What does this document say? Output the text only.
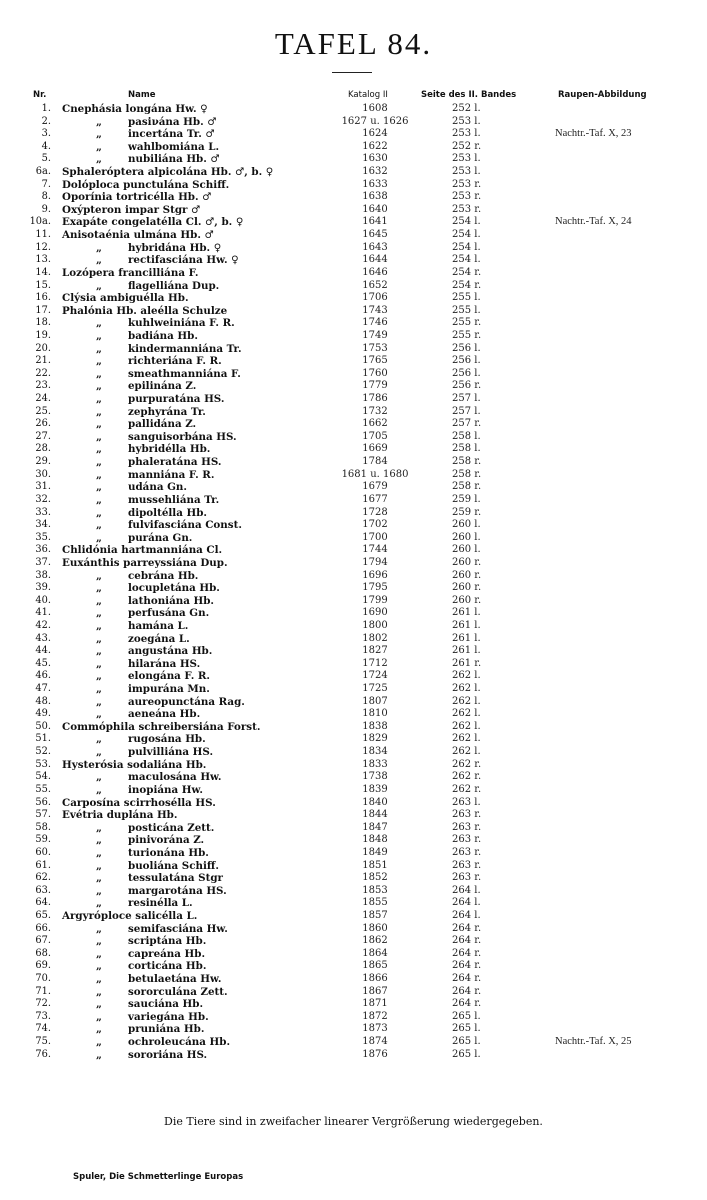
TAFEL 84.
Nr.	Name	Katalog II	Seite des II. Bandes	Raupen-Abbildung
1. Cnephásia longána Hw. ♀	1608	252 l.
2.	„	pasiνána Hb. ♂	1627 u. 1626	253 l.
3.	„	incertána Tr. ♂	1624	253 l.	Nachtr.-Taf. X, 23
4.	„	wahlbomiána L.	1622	252 r.
5.	„	nubiliána Hb. ♂	1630	253 l.
6a. Sphaleróptera alpicolána Hb. ♂, b. ♀	1632	253 l.
7. Dolóploca punctulána Schiff.	1633	253 r.
8. Oporínia tortricélla Hb. ♂	1638	253 r.
9. Oxýpteron impar Stgr ♂	1640	253 r.
10a. Exapáte congelatélla Cl. ♂, b. ♀	1641	254 l.	Nachtr.-Taf. X, 24
11. Anisotaénia ulmána Hb. ♂	1645	254 l.
12.	„	hybridána Hb. ♀	1643	254 l.
13.	„	rectifasciána Hw. ♀	1644	254 l.
14. Lozópera francilliána F.	1646	254 r.
15.	„	flagelliána Dup.	1652	254 r.
16. Clýsia ambiguélla Hb.	1706	255 l.
17. Phalónia Hb. aleélla Schulze	1743	255 l.
18.	„	kuhlweiniána F. R.	1746	255 r.
19.	„	badiána Hb.	1749	255 r.
20.	„	kindermanniána Tr.	1753	256 l.
21.	„	richteriána F. R.	1765	256 l.
22.	„	smeathmanniána F.	1760	256 l.
23.	„	epilinána Z.	1779	256 r.
24.	„	purpuratána HS.	1786	257 l.
25.	„	zephyrána Tr.	1732	257 l.
26.	„	pallidána Z.	1662	257 r.
27.	„	sanguisorbána HS.	1705	258 l.
28.	„	hybridélla Hb.	1669	258 l.
29.	„	phaleratána HS.	1784	258 r.
30.	„	manniána F. R.	1681 u. 1680	258 r.
31.	„	udána Gn.	1679	258 r.
32.	„	mussehliána Tr.	1677	259 l.
33.	„	dipoltélla Hb.	1728	259 r.
34.	„	fulvifasciána Const.	1702	260 l.
35.	„	purána Gn.	1700	260 l.
36. Chlidónia hartmanniána Cl.	1744	260 l.
37. Euxánthis parreyssiána Dup.	1794	260 r.
38.	„	cebrána Hb.	1696	260 r.
39.	„	locupletána Hb.	1795	260 r.
40.	„	lathoniána Hb.	1799	260 r.
41.	„	perfusána Gn.	1690	261 l.
42.	„	hamána L.	1800	261 l.
43.	„	zoegána L.	1802	261 l.
44.	„	angustána Hb.	1827	261 l.
45.	„	hilarána HS.	1712	261 r.
46.	„	elongána F. R.	1724	262 l.
47.	„	impurána Mn.	1725	262 l.
48.	„	aureopunctána Rag.	1807	262 l.
49.	„	aeneána Hb.	1810	262 l.
50. Commóphila schreibersiána Forst.	1838	262 l.
51.	„	rugosána Hb.	1829	262 l.
52.	„	pulvilliána HS.	1834	262 l.
53. Hysterósia sodaliána Hb.	1833	262 r.
54.	„	maculosána Hw.	1738	262 r.
55.	„	inopiána Hw.	1839	262 r.
56. Carposína scirrhosélla HS.	1840	263 l.
57. Evétria duplána Hb.	1844	263 r.
58.	„	posticána Zett.	1847	263 r.
59.	„	pinivorána Z.	1848	263 r.
60.	„	turionána Hb.	1849	263 r.
61.	„	buoliána Schiff.	1851	263 r.
62.	„	tessulatána Stgr	1852	263 r.
63.	„	margarotána HS.	1853	264 l.
64.	„	resinélla L.	1855	264 l.
65. Argyróploce salicélla L.	1857	264 l.
66.	„	semifasciána Hw.	1860	264 r.
67.	„	scriptána Hb.	1862	264 r.
68.	„	capreána Hb.	1864	264 r.
69.	„	corticána Hb.	1865	264 r.
70.	„	betulaetána Hw.	1866	264 r.
71.	„	sororculána Zett.	1867	264 r.
72.	„	sauciána Hb.	1871	264 r.
73.	„	variegána Hb.	1872	265 l.
74.	„	pruniána Hb.	1873	265 l.
75.	„	ochroleucána Hb.	1874	265 l.	Nachtr.-Taf. X, 25
76.	„	sororiána HS.	1876	265 l.
Die Tiere sind in zweifacher linearer Vergrößerung wiedergegeben.
Spuler, Die Schmetterlinge Europas
